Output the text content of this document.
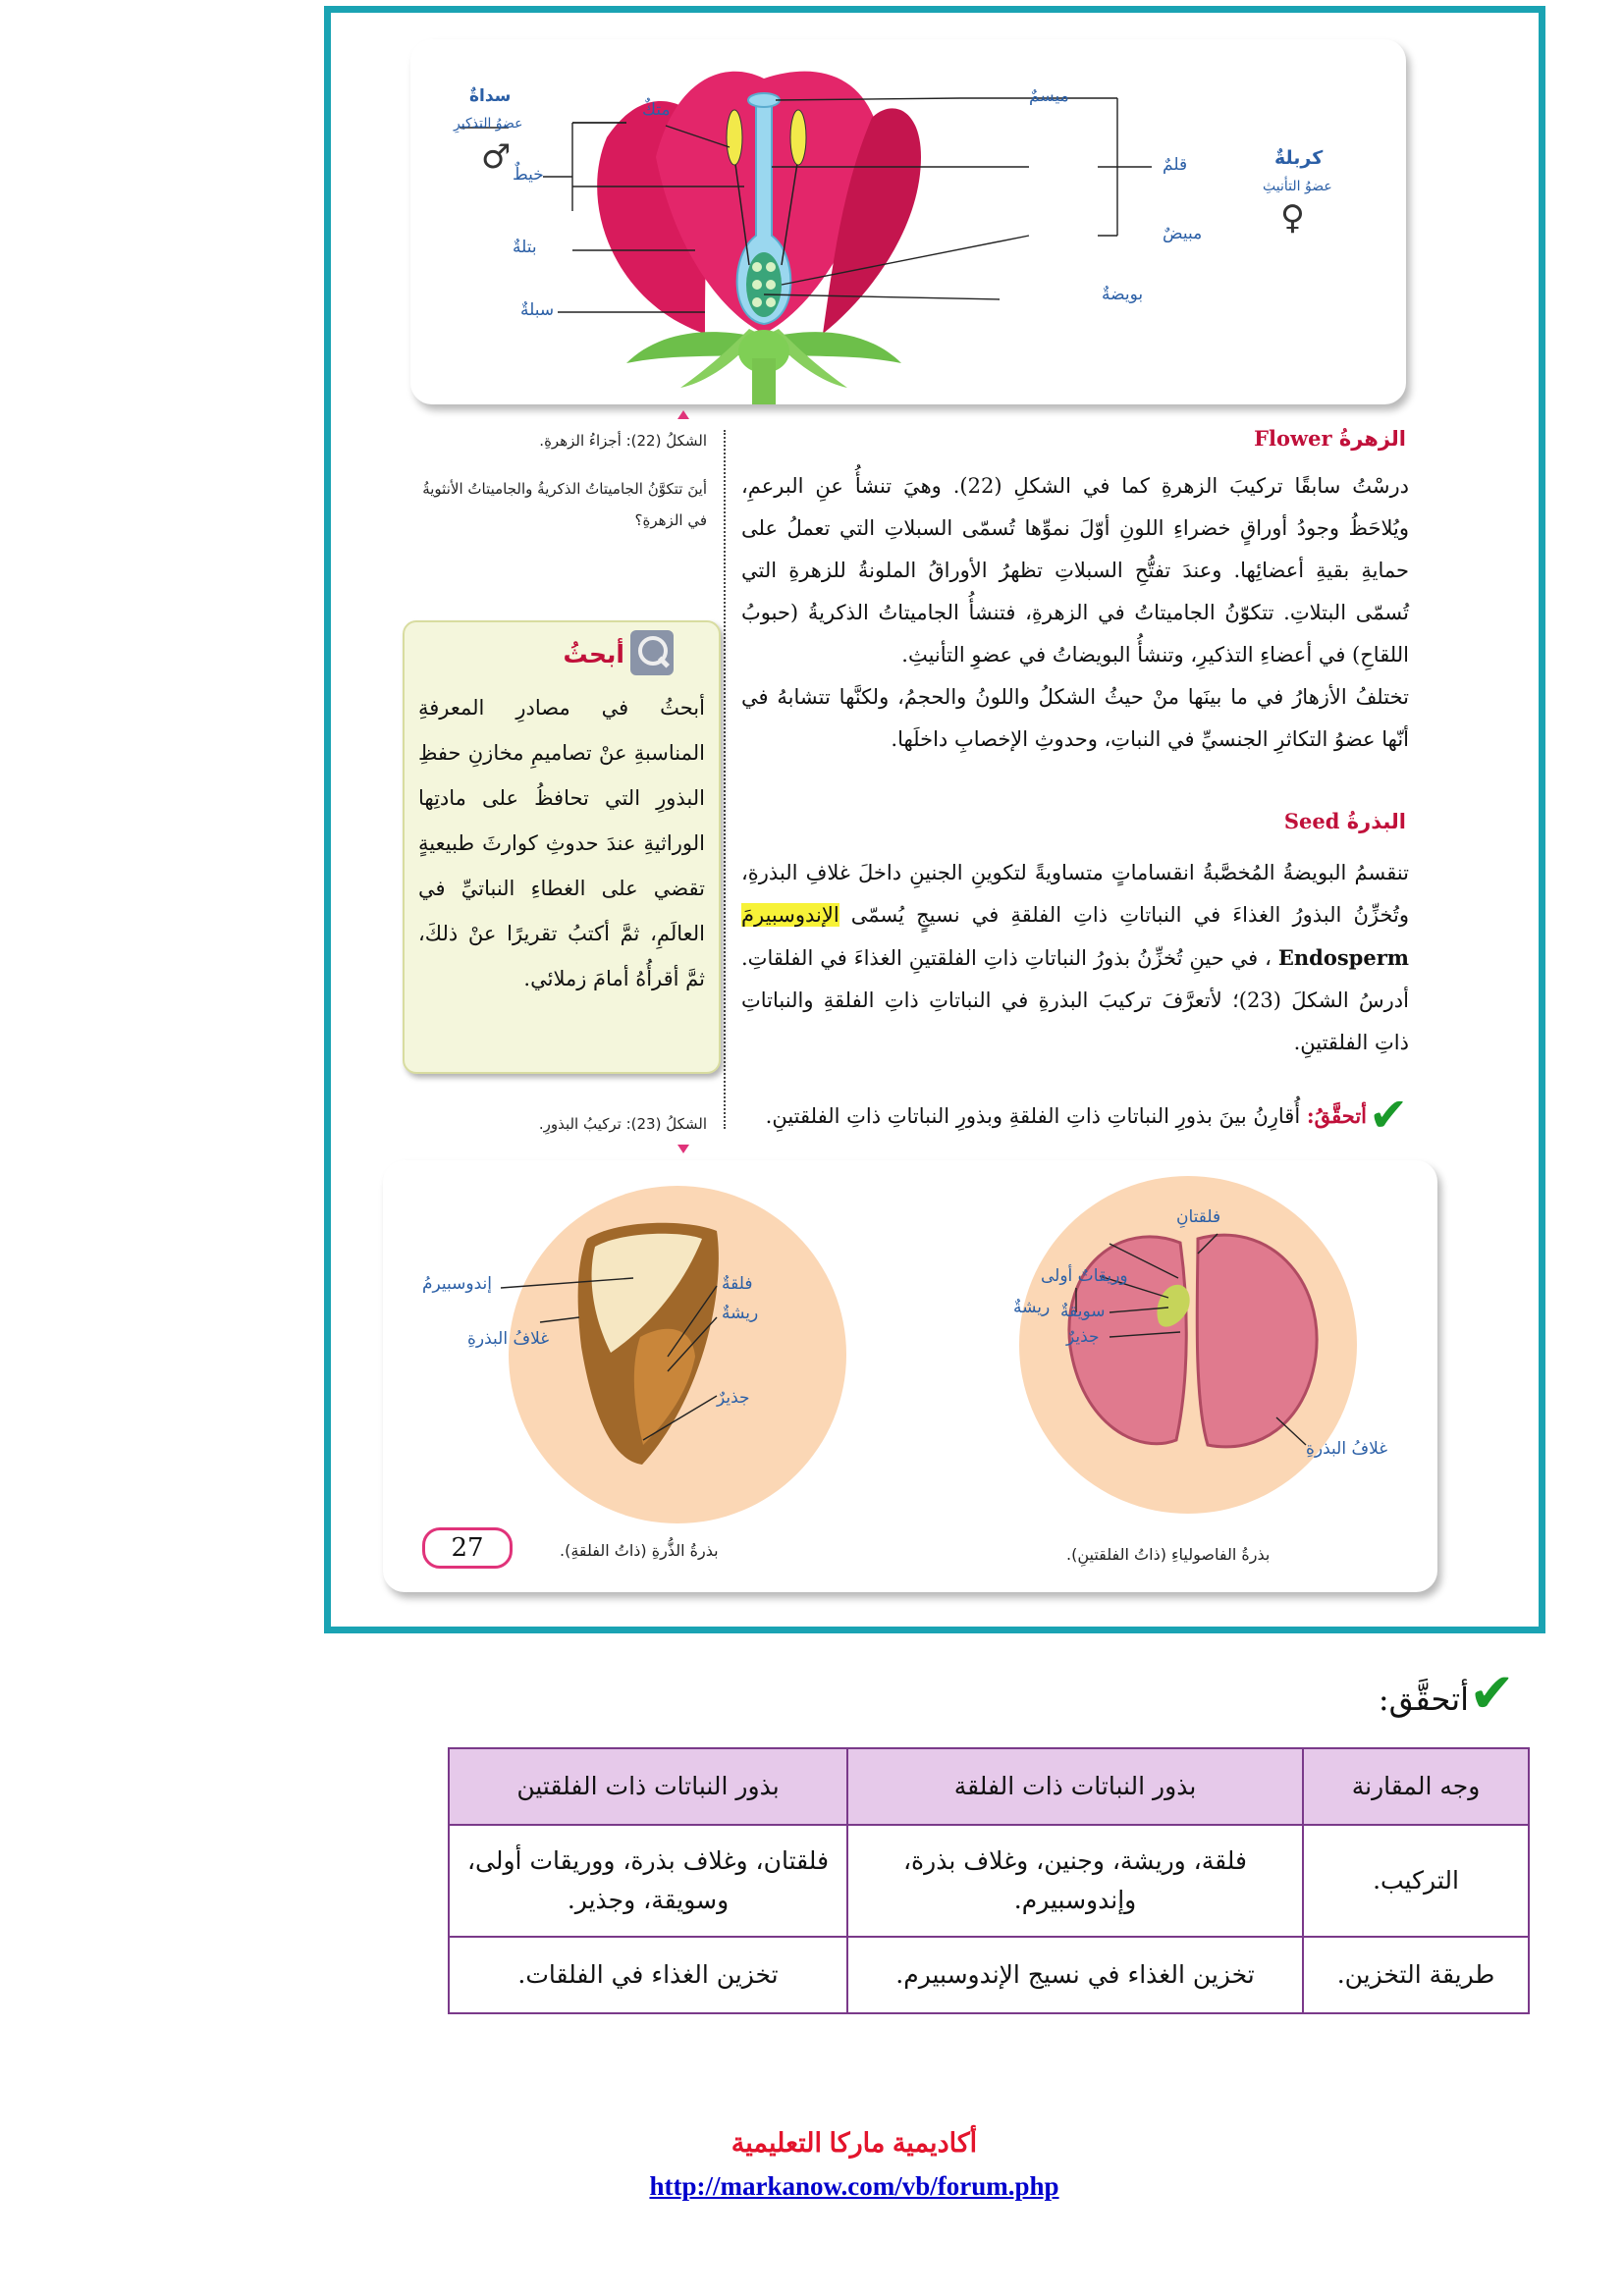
سداةٌ
عضوُ التذكيرِ
♂
متكٌ
خيطٌ
بتلةٌ
سبلةٌ
ميسمٌ
قلمٌ
مبيضٌ
بويضةٌ
كربلةٌ
عضوُ التأنيثِ
♀
الشكلُ (22): أجزاءُ الزهرةِ.
أينَ تتكوَّنُ الجاميتاتُ الذكريةُ والجاميتاتُ الأنثويةُ في الزهرةِ؟
الزهرةُ Flower
درسْتُ سابقًا تركيبَ الزهرةِ كما في الشكلِ (22). وهيَ تنشأُ عنِ البرعمِ، ويُلاحَظُ وجودُ أوراقٍ خضراءِ اللونِ أوّلَ نموِّها تُسمّى السبلاتِ التي تعملُ على حمايةِ بقيةِ أعضائِها. وعندَ تفتُّحِ السبلاتِ تظهرُ الأوراقُ الملونةُ للزهرةِ التي تُسمّى البتلاتِ. تتكوّنُ الجاميتاتُ في الزهرةِ، فتنشأُ الجاميتاتُ الذكريةُ (حبوبُ اللقاحِ) في أعضاءِ التذكيرِ، وتنشأُ البويضاتُ في عضوِ التأنيثِ.
تختلفُ الأزهارُ في ما بينَها منْ حيثُ الشكلُ واللونُ والحجمُ، ولكنَّها تتشابهُ في أنّها عضوُ التكاثرِ الجنسيِّ في النباتِ، وحدوثِ الإخصابِ داخلَها.
البذرةُ Seed
تنقسمُ البويضةُ المُخصَّبةُ انقساماتٍ متساويةً لتكوينِ الجنينِ داخلَ غلافِ البذرةِ، وتُخزِّنُ البذورُ الغذاءَ في النباتاتِ ذاتِ الفلقةِ في نسيجٍ يُسمّى الإندوسبيرمَ Endosperm ، في حينِ تُخزِّنُ بذورُ النباتاتِ ذاتِ الفلقتينِ الغذاءَ في الفلقاتِ. أدرسُ الشكلَ (23)؛ لأتعرَّفَ تركيبَ البذرةِ في النباتاتِ ذاتِ الفلقةِ والنباتاتِ ذاتِ الفلقتينِ.
أبحثُ
أبحثُ في مصادرِ المعرفةِ المناسبةِ عنْ تصاميمِ مخازنِ حفظِ البذورِ التي تحافظُ على مادتِها الوراثيةِ عندَ حدوثِ كوارثَ طبيعيةٍ تقضي على الغطاءِ النباتيِّ في العالَمِ، ثمَّ أكتبُ تقريرًا عنْ ذلكَ، ثمَّ أقرأُهُ أمامَ زملائي.
✔
أتحقَّقُ: أُقارِنُ بينَ بذورِ النباتاتِ ذاتِ الفلقةِ وبذورِ النباتاتِ ذاتِ الفلقتينِ.
الشكلُ (23): تركيبُ البذورِ.
إندوسبيرمُ	فلقةٌ
ريشةٌ
غلافُ البذرةِ
جذيرٌ
فلقتانِ
وريقاتٌ أولى
ريشةٌ سويقةٌ
جذيرٌ
غلافُ البذرةِ
بذرةُ الذُّرةِ (ذاتُ الفلقةِ).	بذرةُ الفاصولياءِ (ذاتُ الفلقتينِ).
27
✔
أتحقَّق:
وجه المقارنة	بذور النباتات ذات الفلقة	بذور النباتات ذات الفلقتين
التركيب.	فلقة، وريشة، وجنين، وغلاف بذرة، وإندوسبيرم.	فلقتان، وغلاف بذرة، ووريقات أولى، وسويقة، وجذير.
طريقة التخزين.	تخزين الغذاء في نسيج الإندوسبيرم.	تخزين الغذاء في الفلقات.
أكاديمية ماركا التعليمية
http://markanow.com/vb/forum.php
